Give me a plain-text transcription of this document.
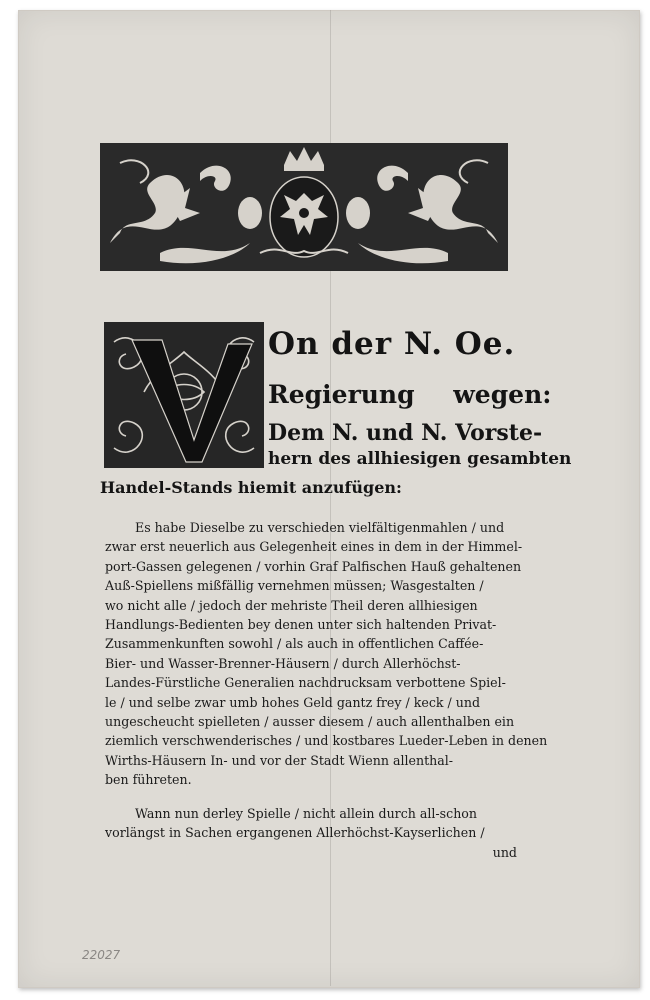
On der N. Oe.
Regierung wegen:
Dem N. und N. Vorste-
hern des allhiesigen gesambten
Handel-Stands hiemit anzufügen:
Es habe Dieselbe zu verschieden vielfältigenmahlen / und
zwar erst neuerlich aus Gelegenheit eines in dem in der Himmel-
port-Gassen gelegenen / vorhin Graf Palfischen Hauß gehaltenen
Auß-Spiellens mißfällig vernehmen müssen; Wasgestalten /
wo nicht alle / jedoch der mehriste Theil deren allhiesigen
Handlungs-Bedienten bey denen unter sich haltenden Privat-
Zusammenkunften sowohl / als auch in offentlichen Caffée-
Bier- und Wasser-Brenner-Häusern / durch Allerhöchst-
Landes-Fürstliche Generalien nachdrucksam verbottene Spiel-
le / und selbe zwar umb hohes Geld gantz frey / keck / und
ungescheucht spielleten / ausser diesem / auch allenthalben ein
ziemlich verschwenderisches / und kostbares Lueder-Leben in denen
Wirths-Häusern In- und vor der Stadt Wienn allenthal-
ben führeten.
Wann nun derley Spielle / nicht allein durch all-schon
vorlängst in Sachen ergangenen Allerhöchst-Kayserlichen /
und
22027
